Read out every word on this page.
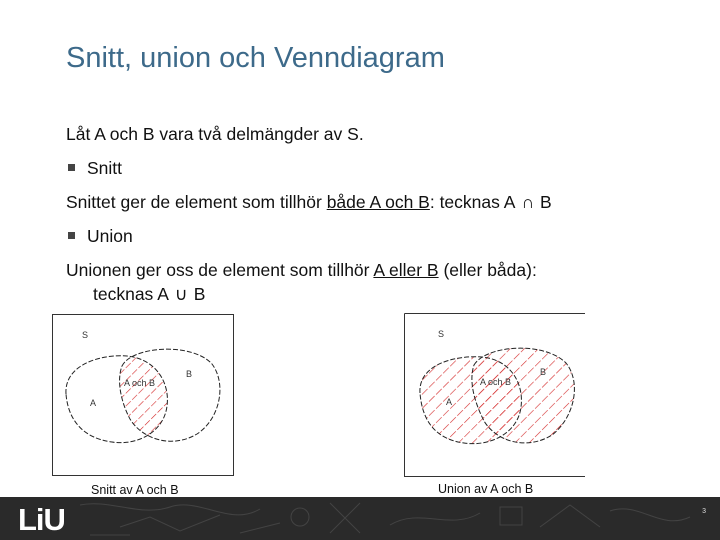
Snitt, union och Venndiagram
Låt A och B vara två delmängder av S.
Snitt
Snittet ger de element som tillhör både A och B: tecknas A ∩ B
Union
Unionen ger oss de element som tillhör A eller B (eller båda):
tecknas A ∪ B
S
A och B
A
B
Snitt av A och B
S
A och B
A
B
Union av A och B
LiU	3
